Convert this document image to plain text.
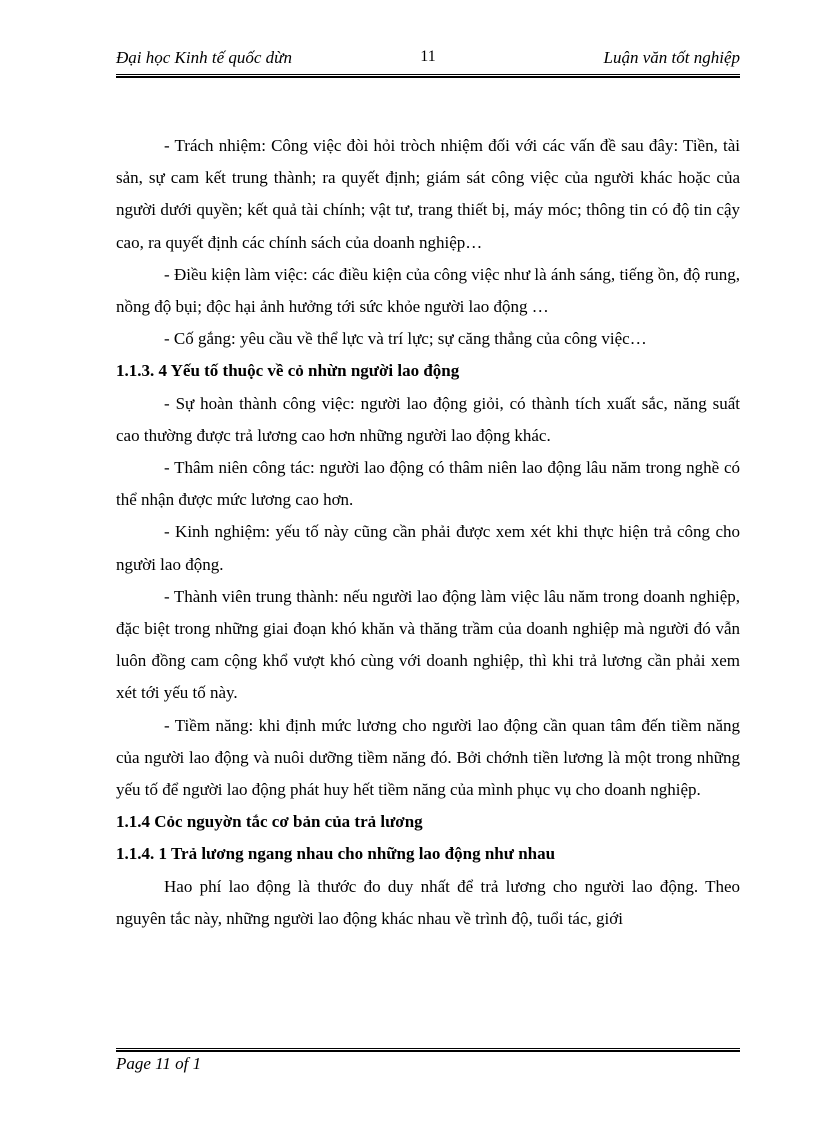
Đại học Kinh tế quốc dừn	11	Luận văn tốt nghiệp

- Trách nhiệm: Công việc đòi hỏi tròch nhiệm đối với các vấn đề sau đây: Tiền, tài sản, sự cam kết trung thành; ra quyết định; giám sát công việc của người khác hoặc của người dưới quyền; kết quả tài chính; vật tư, trang thiết bị, máy móc; thông tin có độ tin cậy cao, ra quyết định các chính sách của doanh nghiệp…

- Điều kiện làm việc: các điều kiện của công việc như là ánh sáng, tiếng ồn, độ rung, nồng độ bụi; độc hại ảnh hưởng tới sức khỏe người lao động …

- Cố gắng: yêu cầu về thể lực và trí lực; sự căng thẳng của công việc…

1.1.3. 4 Yếu tố thuộc về cỏ nhừn người lao động

- Sự hoàn thành công việc: người lao động giỏi, có thành tích xuất sắc, năng suất cao thường được trả lương cao hơn những người lao động khác.

- Thâm niên công tác: người lao động có thâm niên lao động lâu năm trong nghề có thể nhận được mức lương cao hơn.

- Kinh nghiệm: yếu tố này cũng cần phải được xem xét khi thực hiện trả công cho người lao động.

- Thành viên trung thành: nếu người lao động làm việc lâu năm trong doanh nghiệp, đặc biệt trong những giai đoạn khó khăn và thăng trầm của doanh nghiệp mà người đó vẫn luôn đồng cam cộng khổ vượt khó cùng với doanh nghiệp, thì khi trả lương cần phải xem xét tới yếu tố này.

- Tiềm năng: khi định mức lương cho người lao động cần quan tâm đến tiềm năng của người lao động và nuôi dưỡng tiềm năng đó. Bởi chớnh tiền lương là một trong những yếu tố để người lao động phát huy hết tiềm năng của mình phục vụ cho doanh nghiệp.

1.1.4 Cỏc nguyờn tắc cơ bản của trả lương

1.1.4. 1 Trả lương ngang nhau cho những lao động như nhau

Hao phí lao động là thước đo duy nhất để trả lương cho người lao động. Theo nguyên tắc này, những người lao động khác nhau về trình độ, tuổi tác, giới

Page 11 of 1
